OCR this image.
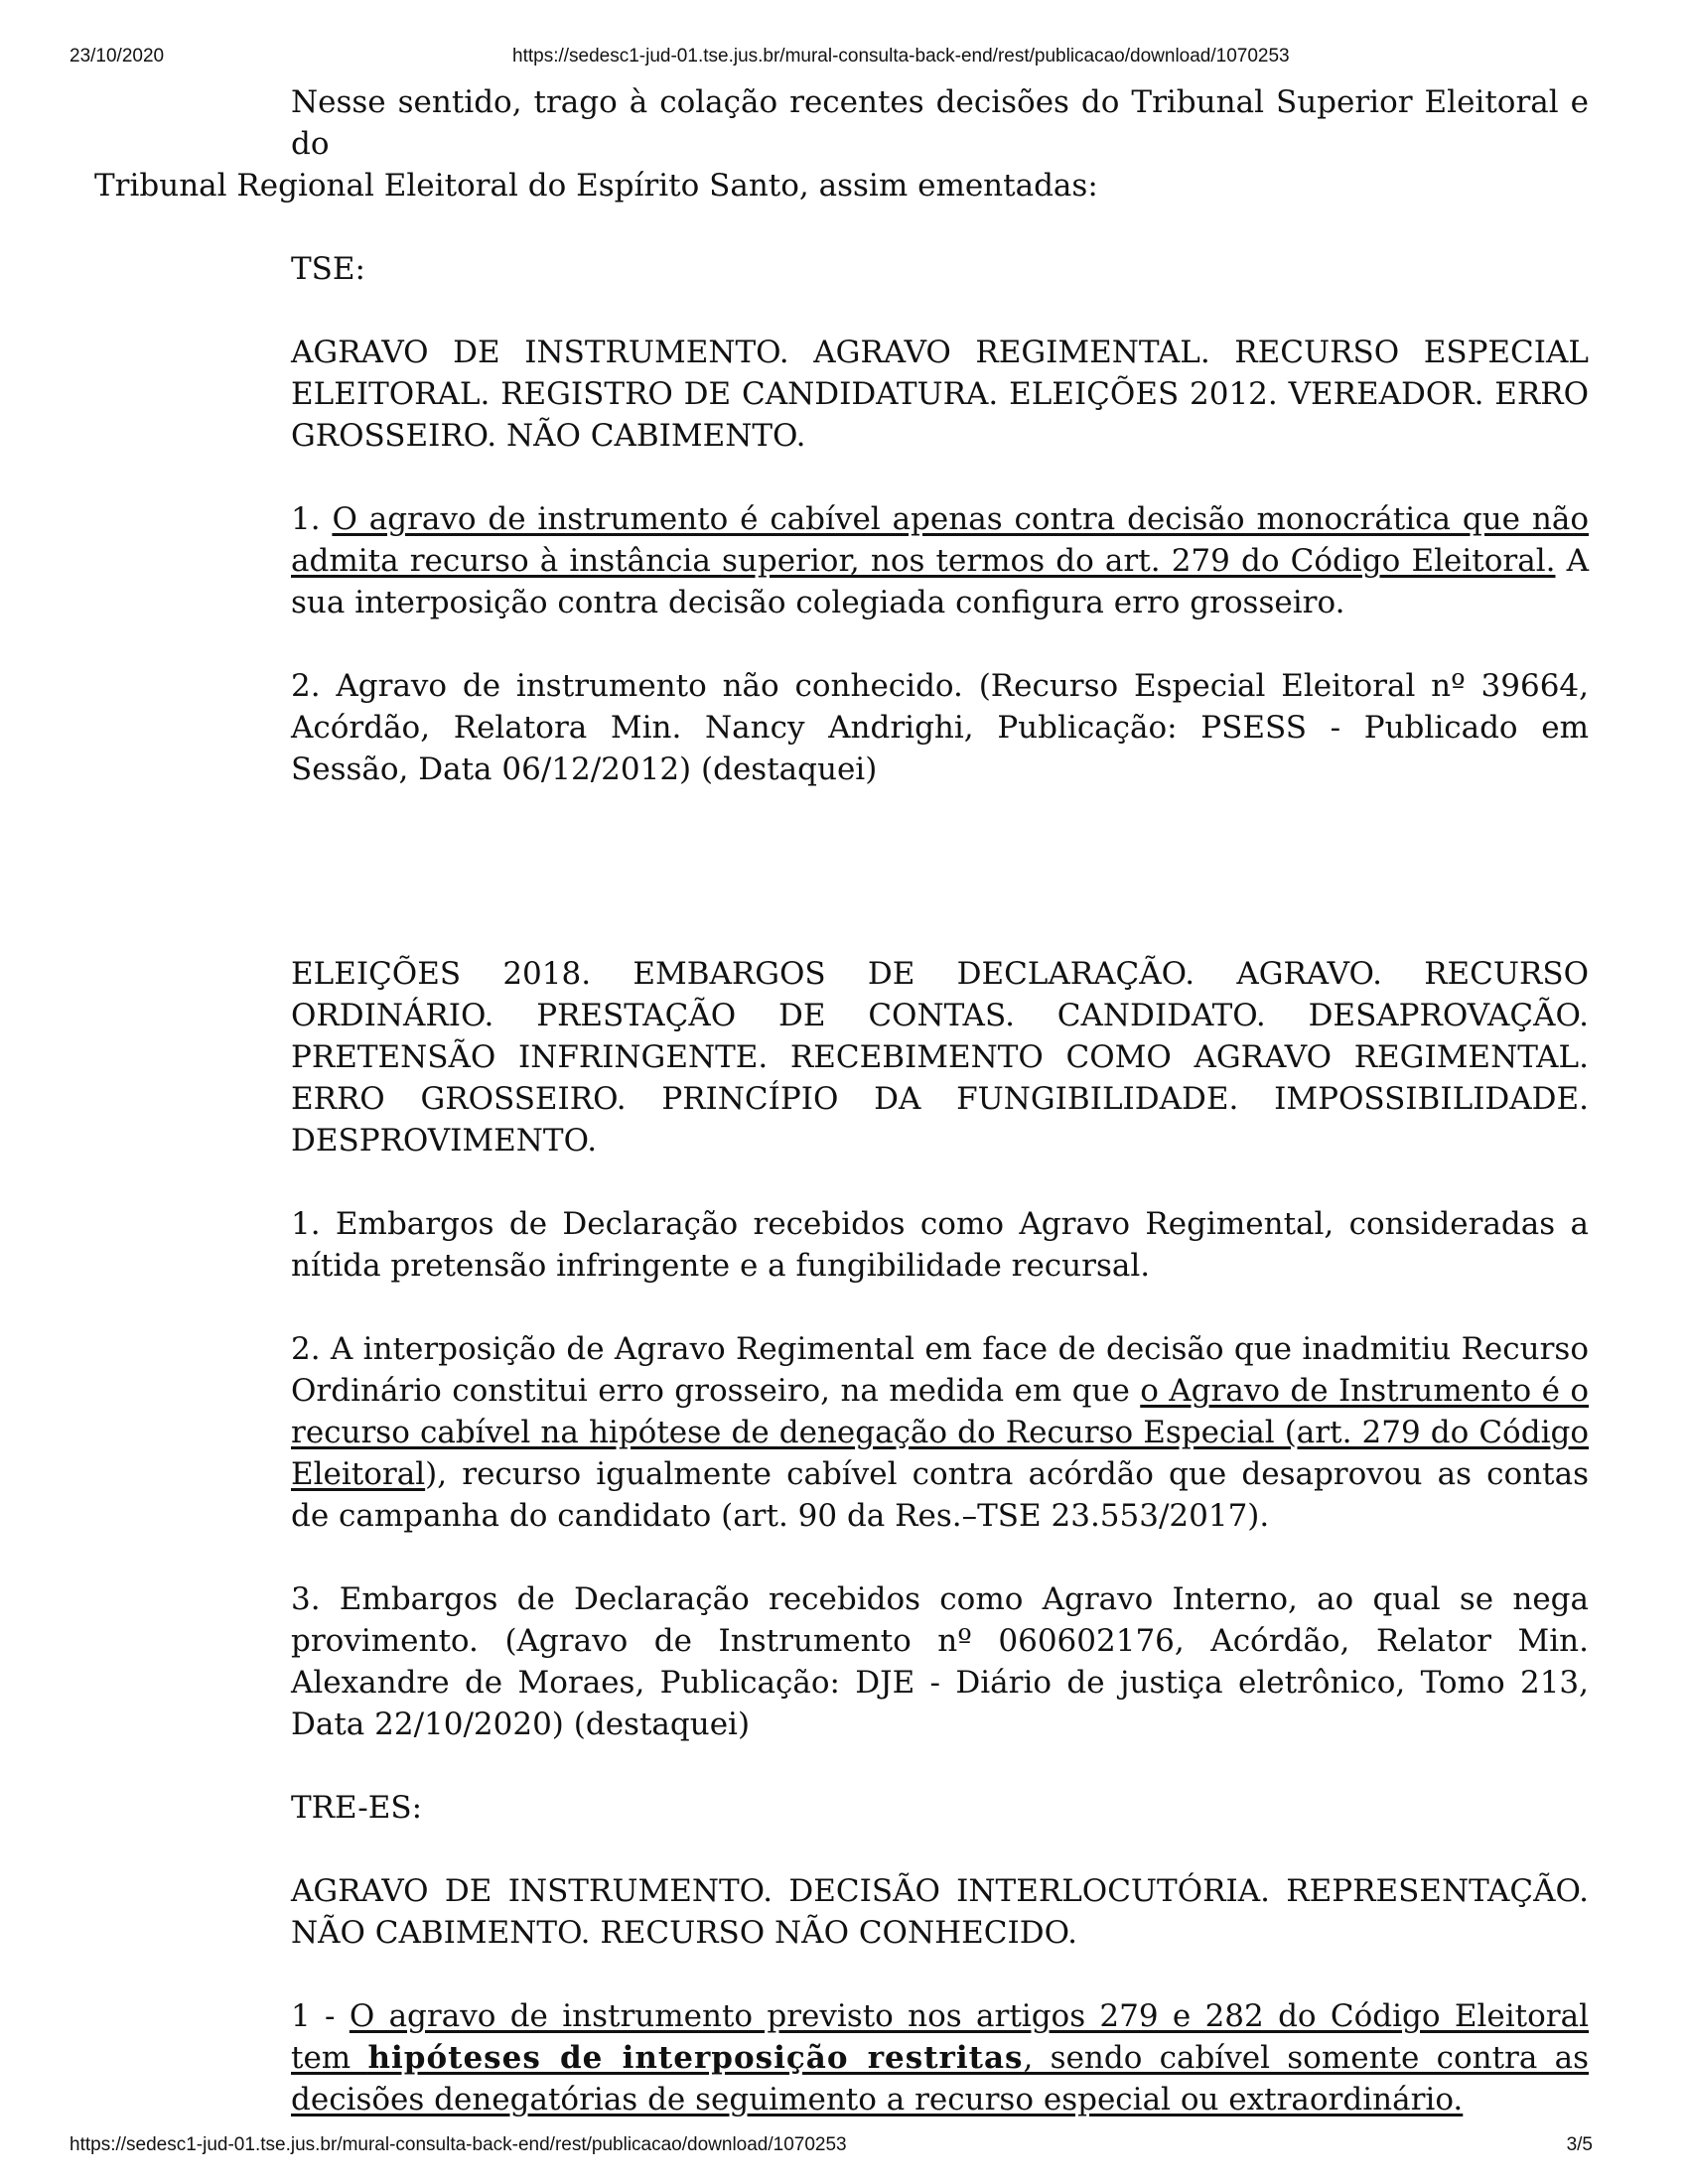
23/10/2020	https://sedesc1-jud-01.tse.jus.br/mural-consulta-back-end/rest/publicacao/download/1070253

Nesse sentido, trago à colação recentes decisões do Tribunal Superior Eleitoral e do
Tribunal Regional Eleitoral do Espírito Santo, assim ementadas:

TSE:

AGRAVO DE INSTRUMENTO. AGRAVO REGIMENTAL. RECURSO ESPECIAL ELEITORAL. REGISTRO DE CANDIDATURA. ELEIÇÕES 2012. VEREADOR. ERRO GROSSEIRO. NÃO CABIMENTO.

1. O agravo de instrumento é cabível apenas contra decisão monocrática que não admita recurso à instância superior, nos termos do art. 279 do Código Eleitoral. A sua interposição contra decisão colegiada configura erro grosseiro.

2. Agravo de instrumento não conhecido. (Recurso Especial Eleitoral nº 39664, Acórdão, Relatora Min. Nancy Andrighi, Publicação: PSESS - Publicado em Sessão, Data 06/12/2012) (destaquei)

ELEIÇÕES 2018. EMBARGOS DE DECLARAÇÃO. AGRAVO. RECURSO ORDINÁRIO. PRESTAÇÃO DE CONTAS. CANDIDATO. DESAPROVAÇÃO. PRETENSÃO INFRINGENTE. RECEBIMENTO COMO AGRAVO REGIMENTAL. ERRO GROSSEIRO. PRINCÍPIO DA FUNGIBILIDADE. IMPOSSIBILIDADE. DESPROVIMENTO.

1. Embargos de Declaração recebidos como Agravo Regimental, consideradas a nítida pretensão infringente e a fungibilidade recursal.

2. A interposição de Agravo Regimental em face de decisão que inadmitiu Recurso Ordinário constitui erro grosseiro, na medida em que o Agravo de Instrumento é o recurso cabível na hipótese de denegação do Recurso Especial (art. 279 do Código Eleitoral), recurso igualmente cabível contra acórdão que desaprovou as contas de campanha do candidato (art. 90 da Res.–TSE 23.553/2017).

3. Embargos de Declaração recebidos como Agravo Interno, ao qual se nega provimento. (Agravo de Instrumento nº 060602176, Acórdão, Relator Min. Alexandre de Moraes, Publicação: DJE - Diário de justiça eletrônico, Tomo 213, Data 22/10/2020) (destaquei)

TRE-ES:

AGRAVO DE INSTRUMENTO. DECISÃO INTERLOCUTÓRIA. REPRESENTAÇÃO. NÃO CABIMENTO. RECURSO NÃO CONHECIDO.

1 - O agravo de instrumento previsto nos artigos 279 e 282 do Código Eleitoral tem hipóteses de interposição restritas, sendo cabível somente contra as decisões denegatórias de seguimento a recurso especial ou extraordinário.

https://sedesc1-jud-01.tse.jus.br/mural-consulta-back-end/rest/publicacao/download/1070253	3/5
